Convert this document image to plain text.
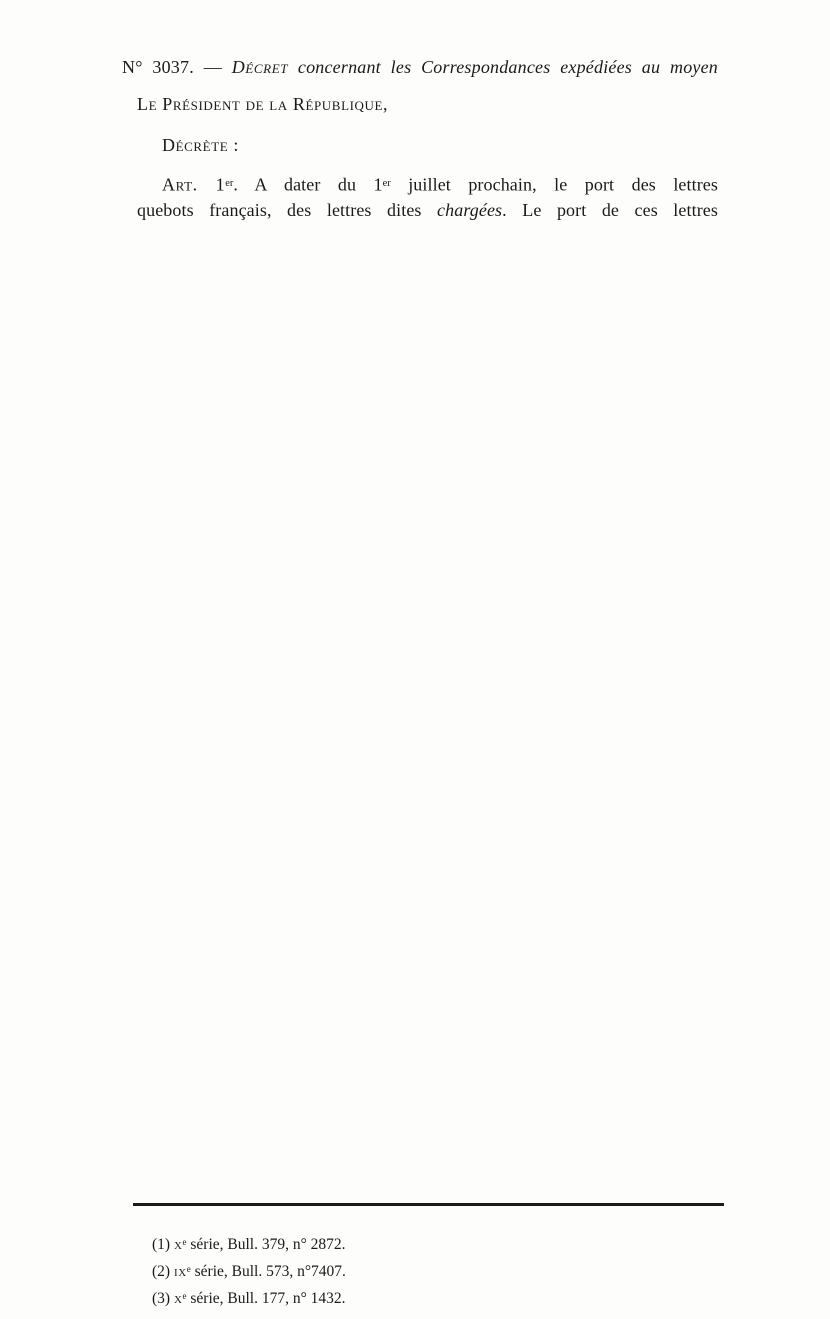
N° 3037. — Décret concernant les Correspondances expédiées au moyen
Le Président de la République,
Décrète :
Art. 1er. A dater du 1er juillet prochain, le port des lettres
quebots français, des lettres dites chargées. Le port de ces lettres
(1) $x^e$ série, Bull. 379, n° 2872.
(2) $ix^e$ série, Bull. 573, n°7407.
(3) $x^e$ série, Bull. 177, n° 1432.
